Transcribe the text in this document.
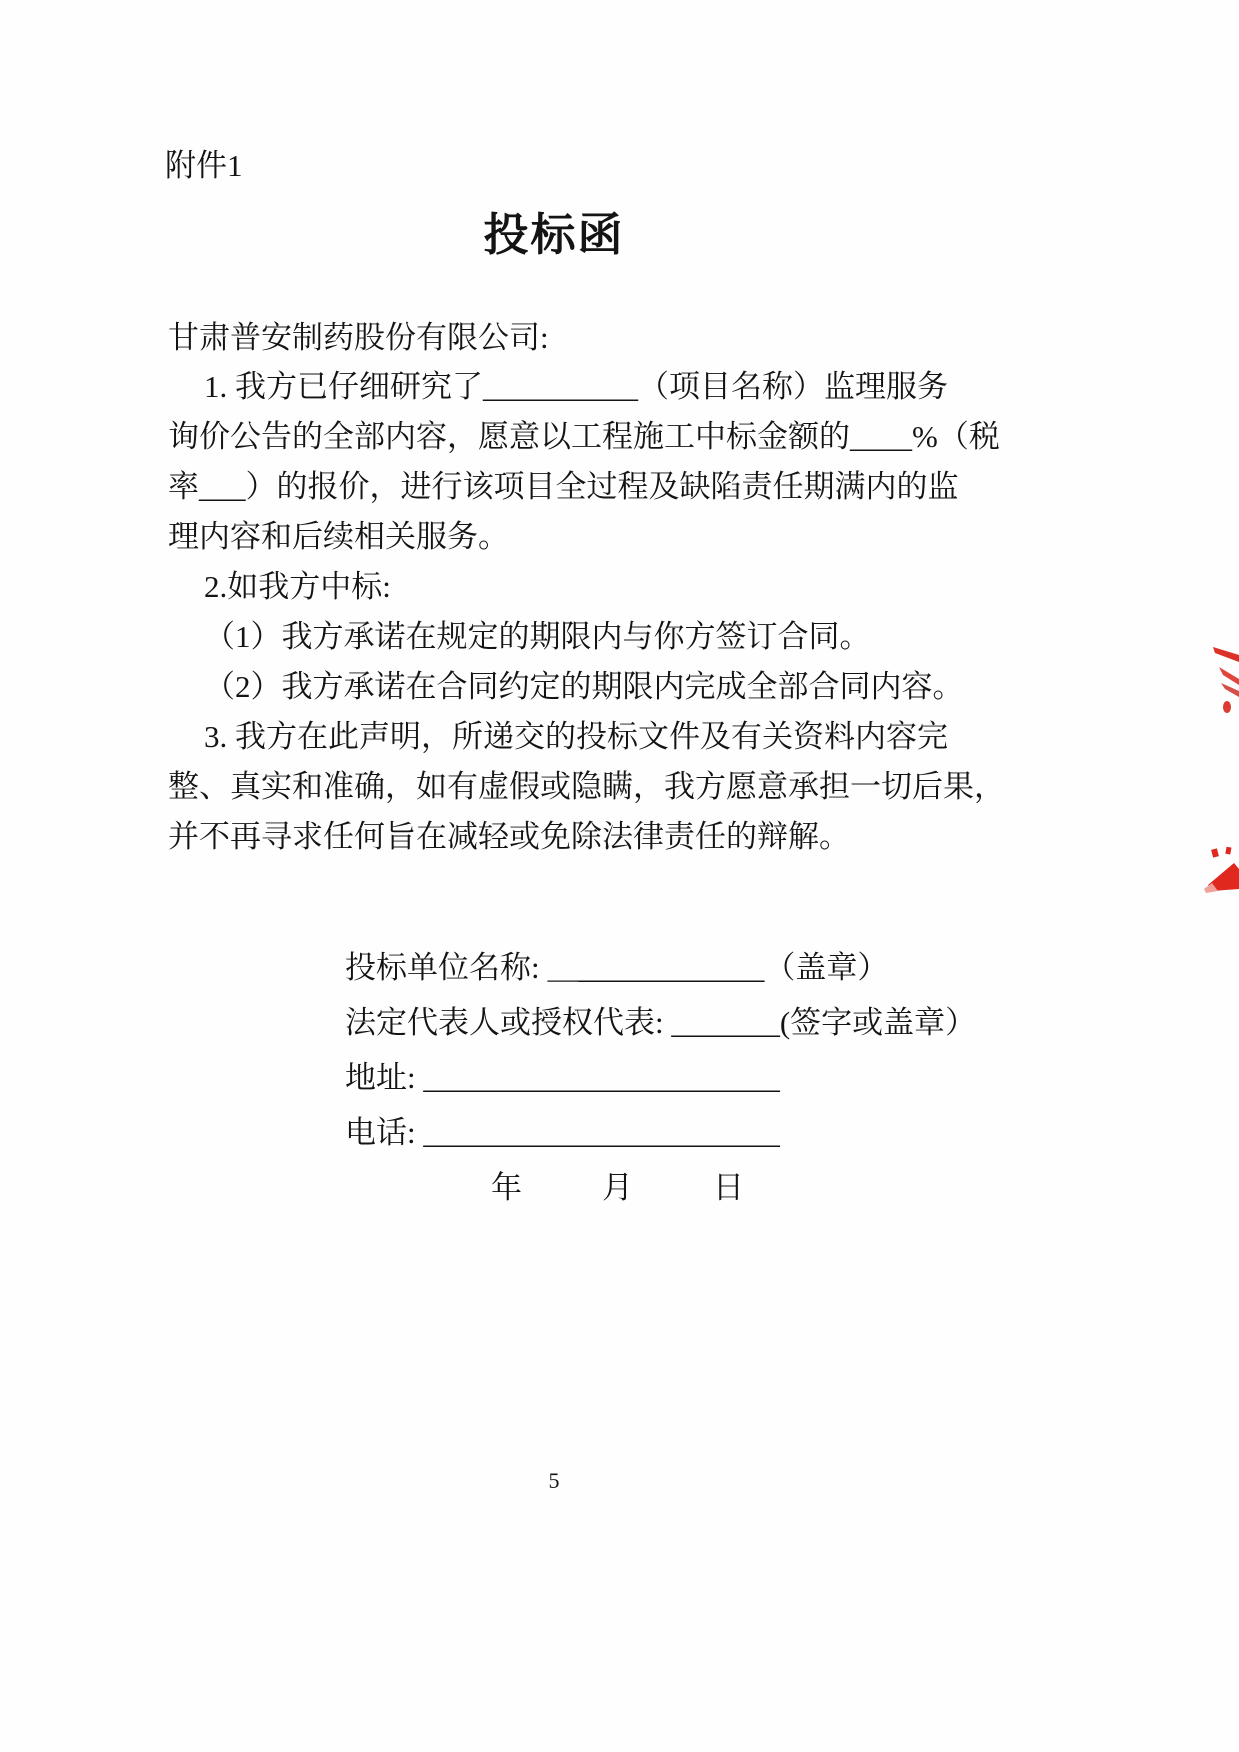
附件1
投标函
甘肃普安制药股份有限公司:
1. 我方已仔细研究了__________（项目名称）监理服务
询价公告的全部内容，愿意以工程施工中标金额的____%（税
率___）的报价，进行该项目全过程及缺陷责任期满内的监
理内容和后续相关服务。
2.如我方中标:
（1）我方承诺在规定的期限内与你方签订合同。
（2）我方承诺在合同约定的期限内完成全部合同内容。
3. 我方在此声明，所递交的投标文件及有关资料内容完
整、真实和准确，如有虚假或隐瞒，我方愿意承担一切后果，
并不再寻求任何旨在减轻或免除法律责任的辩解。
投标单位名称: ＿____________（盖章）
法定代表人或授权代表: _______(签字或盖章）
地址: _______________________
电话: _______________________
年　　月　　日
5
